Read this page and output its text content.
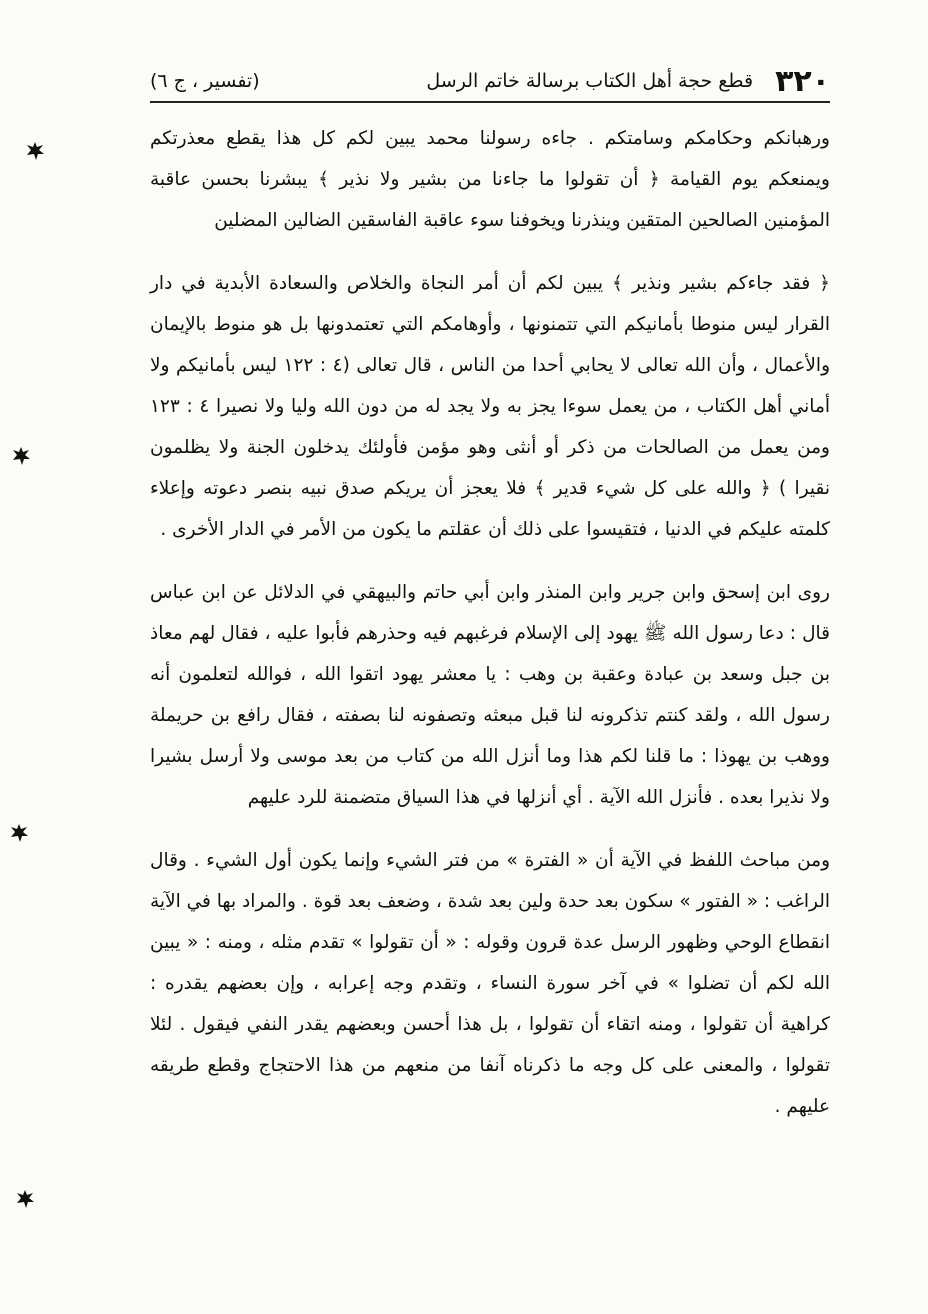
٣٢٠
قطع حجة أهل الكتاب برسالة خاتم الرسل
(تفسير ، ج ٦)

ورهبانكم وحكامكم وسامتكم . جاءه رسولنا محمد يبين لكم كل هذا يقطع معذرتكم ويمنعكم يوم القيامة ﴿ أن تقولوا ما جاءنا من بشير ولا نذير ﴾ يبشرنا بحسن عاقبة المؤمنين الصالحين المتقين وينذرنا ويخوفنا سوء عاقبة الفاسقين الضالين المضلين

﴿ فقد جاءكم بشير ونذير ﴾ يبين لكم أن أمر النجاة والخلاص والسعادة الأبدية في دار القرار ليس منوطا بأمانيكم التي تتمنونها ، وأوهامكم التي تعتمدونها بل هو منوط بالإيمان والأعمال ، وأن الله تعالى لا يحابي أحدا من الناس ، قال تعالى (٤ : ١٢٢ ليس بأمانيكم ولا أماني أهل الكتاب ، من يعمل سوءا يجز به ولا يجد له من دون الله وليا ولا نصيرا ٤ : ١٢٣ ومن يعمل من الصالحات من ذكر أو أنثى وهو مؤمن فأولئك يدخلون الجنة ولا يظلمون نقيرا ) ﴿ والله على كل شيء قدير ﴾ فلا يعجز أن يريكم صدق نبيه بنصر دعوته وإعلاء كلمته عليكم في الدنيا ، فتقيسوا على ذلك أن عقلتم ما يكون من الأمر في الدار الأخرى .

روى ابن إسحق وابن جرير وابن المنذر وابن أبي حاتم والبيهقي في الدلائل عن ابن عباس قال : دعا رسول الله ﷺ يهود إلى الإسلام فرغبهم فيه وحذرهم فأبوا عليه ، فقال لهم معاذ بن جبل وسعد بن عبادة وعقبة بن وهب : يا معشر يهود اتقوا الله ، فوالله لتعلمون أنه رسول الله ، ولقد كنتم تذكرونه لنا قبل مبعثه وتصفونه لنا بصفته ، فقال رافع بن حريملة ووهب بن يهوذا : ما قلنا لكم هذا وما أنزل الله من كتاب من بعد موسى ولا أرسل بشيرا ولا نذيرا بعده . فأنزل الله الآية . أي أنزلها في هذا السياق متضمنة للرد عليهم

ومن مباحث اللفظ في الآية أن « الفترة » من فتر الشيء وإنما يكون أول الشيء . وقال الراغب : « الفتور » سكون بعد حدة ولين بعد شدة ، وضعف بعد قوة . والمراد بها في الآية انقطاع الوحي وظهور الرسل عدة قرون وقوله : « أن تقولوا » تقدم مثله ، ومنه : « يبين الله لكم أن تضلوا » في آخر سورة النساء ، وتقدم وجه إعرابه ، وإن بعضهم يقدره : كراهية أن تقولوا ، ومنه اتقاء أن تقولوا ، بل هذا أحسن وبعضهم يقدر النفي فيقول . لئلا تقولوا ، والمعنى على كل وجه ما ذكرناه آنفا من منعهم من هذا الاحتجاج وقطع طريقه عليهم .
